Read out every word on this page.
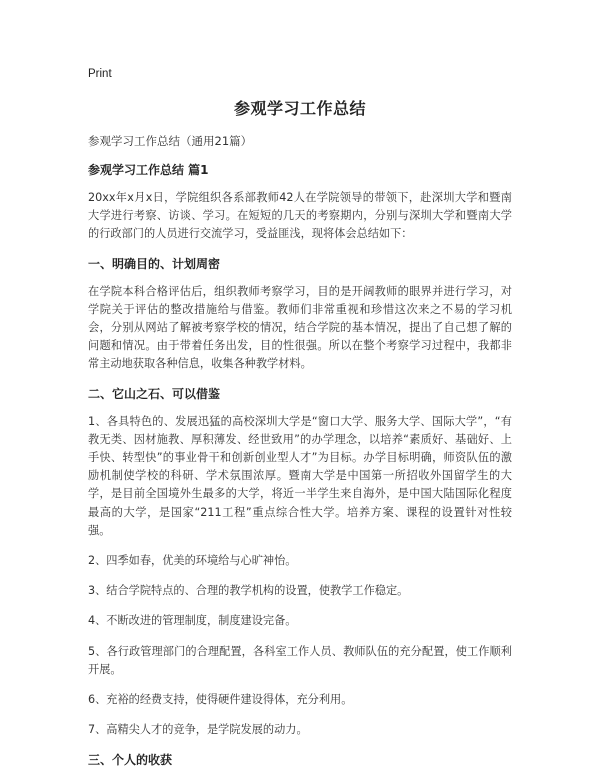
Print
参观学习工作总结
参观学习工作总结（通用21篇）
参观学习工作总结 篇1

20xx年x月x日，学院组织各系部教师42人在学院领导的带领下，赴深圳大学和暨南大学进行考察、访谈、学习。在短短的几天的考察期内，分别与深圳大学和暨南大学的行政部门的人员进行交流学习，受益匪浅，现将体会总结如下：

一、明确目的、计划周密

在学院本科合格评估后，组织教师考察学习，目的是开阔教师的眼界并进行学习，对学院关于评估的整改措施给与借鉴。教师们非常重视和珍惜这次来之不易的学习机会，分别从网站了解被考察学校的情况，结合学院的基本情况，提出了自己想了解的问题和情况。由于带着任务出发，目的性很强。所以在整个考察学习过程中，我都非常主动地获取各种信息，收集各种教学材料。

二、它山之石、可以借鉴

1、各具特色的、发展迅猛的高校深圳大学是“窗口大学、服务大学、国际大学”，“有教无类、因材施教、厚积薄发、经世致用”的办学理念，以培养“素质好、基础好、上手快、转型快”的事业骨干和创新创业型人才”为目标。办学目标明确，师资队伍的激励机制使学校的科研、学术氛围浓厚。暨南大学是中国第一所招收外国留学生的大学，是目前全国境外生最多的大学，将近一半学生来自海外，是中国大陆国际化程度最高的大学，是国家“211工程”重点综合性大学。培养方案、课程的设置针对性较强。

2、四季如春，优美的环境给与心旷神怡。

3、结合学院特点的、合理的教学机构的设置，使教学工作稳定。

4、不断改进的管理制度，制度建设完备。

5、各行政管理部门的合理配置，各科室工作人员、教师队伍的充分配置，使工作顺利开展。

6、充裕的经费支持，使得硬件建设得体，充分利用。

7、高精尖人才的竞争，是学院发展的动力。

三、个人的收获
